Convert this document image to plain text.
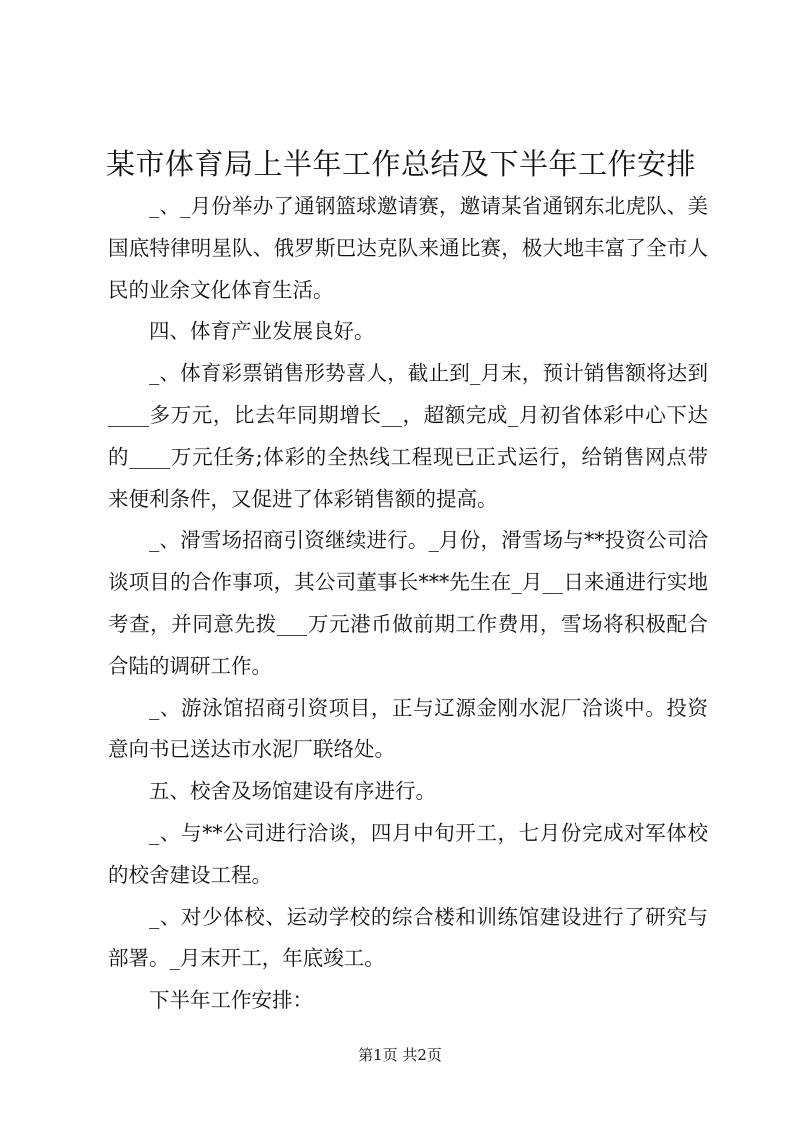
某市体育局上半年工作总结及下半年工作安排

_、_月份举办了通钢篮球邀请赛，邀请某省通钢东北虎队、美国底特律明星队、俄罗斯巴达克队来通比赛，极大地丰富了全市人民的业余文化体育生活。

四、体育产业发展良好。

_、体育彩票销售形势喜人，截止到_月末，预计销售额将达到____多万元，比去年同期增长__，超额完成_月初省体彩中心下达的____万元任务;体彩的全热线工程现已正式运行，给销售网点带来便利条件，又促进了体彩销售额的提高。

_、滑雪场招商引资继续进行。_月份，滑雪场与**投资公司洽谈项目的合作事项，其公司董事长***先生在_月__日来通进行实地考查，并同意先拨___万元港币做前期工作费用，雪场将积极配合合陆的调研工作。

_、游泳馆招商引资项目，正与辽源金刚水泥厂洽谈中。投资意向书已送达市水泥厂联络处。

五、校舍及场馆建设有序进行。

_、与**公司进行洽谈，四月中旬开工，七月份完成对军体校的校舍建设工程。

_、对少体校、运动学校的综合楼和训练馆建设进行了研究与部署。_月末开工，年底竣工。

下半年工作安排：

第1页 共2页
